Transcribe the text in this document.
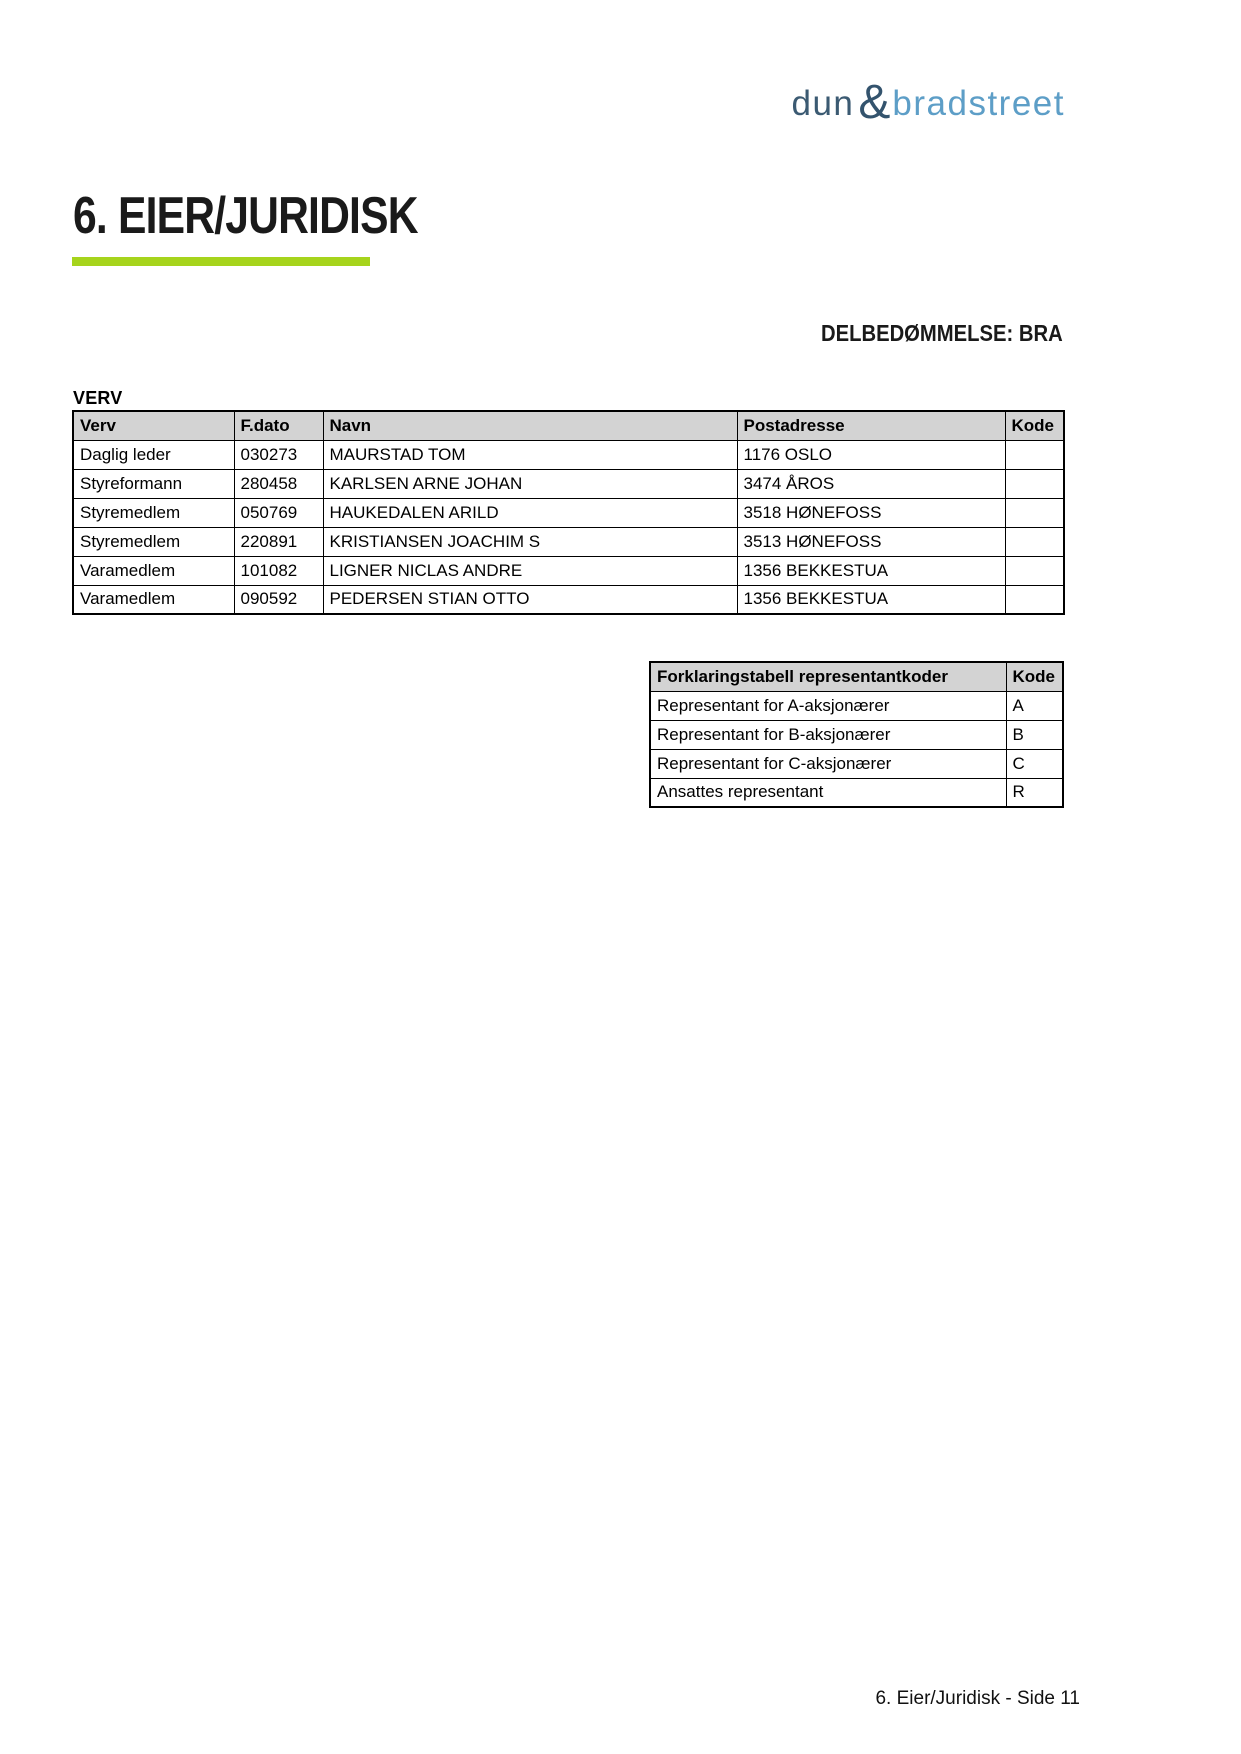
dun & bradstreet
6. EIER/JURIDISK
DELBEDØMMELSE: BRA
VERV
Verv	F.dato	Navn	Postadresse	Kode
Daglig leder	030273	MAURSTAD TOM	1176 OSLO	
Styreformann	280458	KARLSEN ARNE JOHAN	3474 ÅROS	
Styremedlem	050769	HAUKEDALEN ARILD	3518 HØNEFOSS	
Styremedlem	220891	KRISTIANSEN JOACHIM S	3513 HØNEFOSS	
Varamedlem	101082	LIGNER NICLAS ANDRE	1356 BEKKESTUA	
Varamedlem	090592	PEDERSEN STIAN OTTO	1356 BEKKESTUA	
Forklaringstabell representantkoder	Kode
Representant for A-aksjonærer	A
Representant for B-aksjonærer	B
Representant for C-aksjonærer	C
Ansattes representant	R
6. Eier/Juridisk - Side 11
